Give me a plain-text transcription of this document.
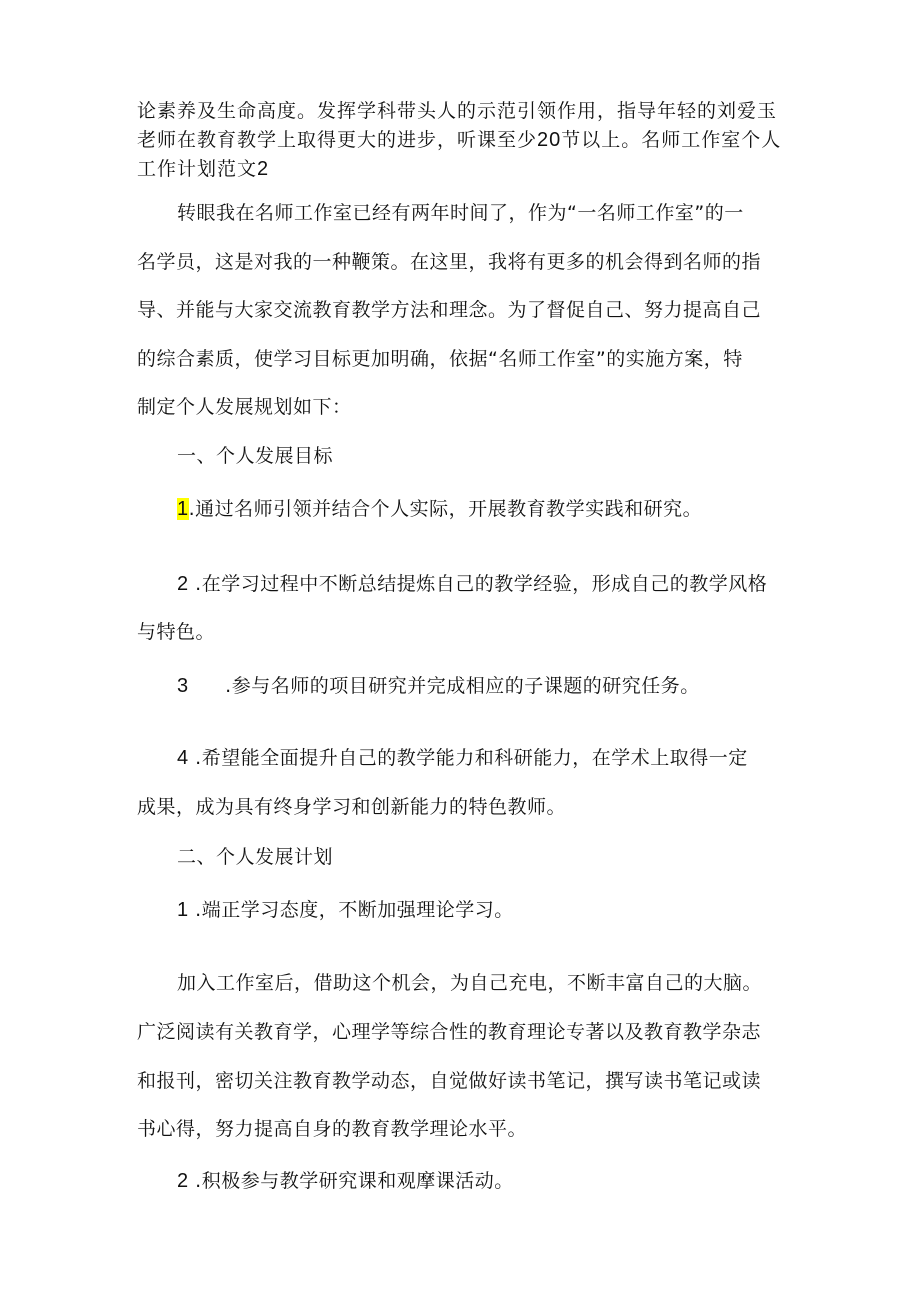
论素养及生命高度。发挥学科带头人的示范引领作用，指导年轻的刘爱玉
老师在教育教学上取得更大的进步，听课至少20节以上。名师工作室个人
工作计划范文2
转眼我在名师工作室已经有两年时间了，作为“一名师工作室”的一
名学员，这是对我的一种鞭策。在这里，我将有更多的机会得到名师的指
导、并能与大家交流教育教学方法和理念。为了督促自己、努力提高自己
的综合素质，使学习目标更加明确，依据“名师工作室”的实施方案，特
制定个人发展规划如下：
一、个人发展目标
1.通过名师引领并结合个人实际，开展教育教学实践和研究。
2 .在学习过程中不断总结提炼自己的教学经验，形成自己的教学风格
与特色。
3 .参与名师的项目研究并完成相应的子课题的研究任务。
4 .希望能全面提升自己的教学能力和科研能力，在学术上取得一定
成果，成为具有终身学习和创新能力的特色教师。
二、个人发展计划
1 .端正学习态度，不断加强理论学习。
加入工作室后，借助这个机会，为自己充电，不断丰富自己的大脑。
广泛阅读有关教育学，心理学等综合性的教育理论专著以及教育教学杂志
和报刊，密切关注教育教学动态，自觉做好读书笔记，撰写读书笔记或读
书心得，努力提高自身的教育教学理论水平。
2 .积极参与教学研究课和观摩课活动。
